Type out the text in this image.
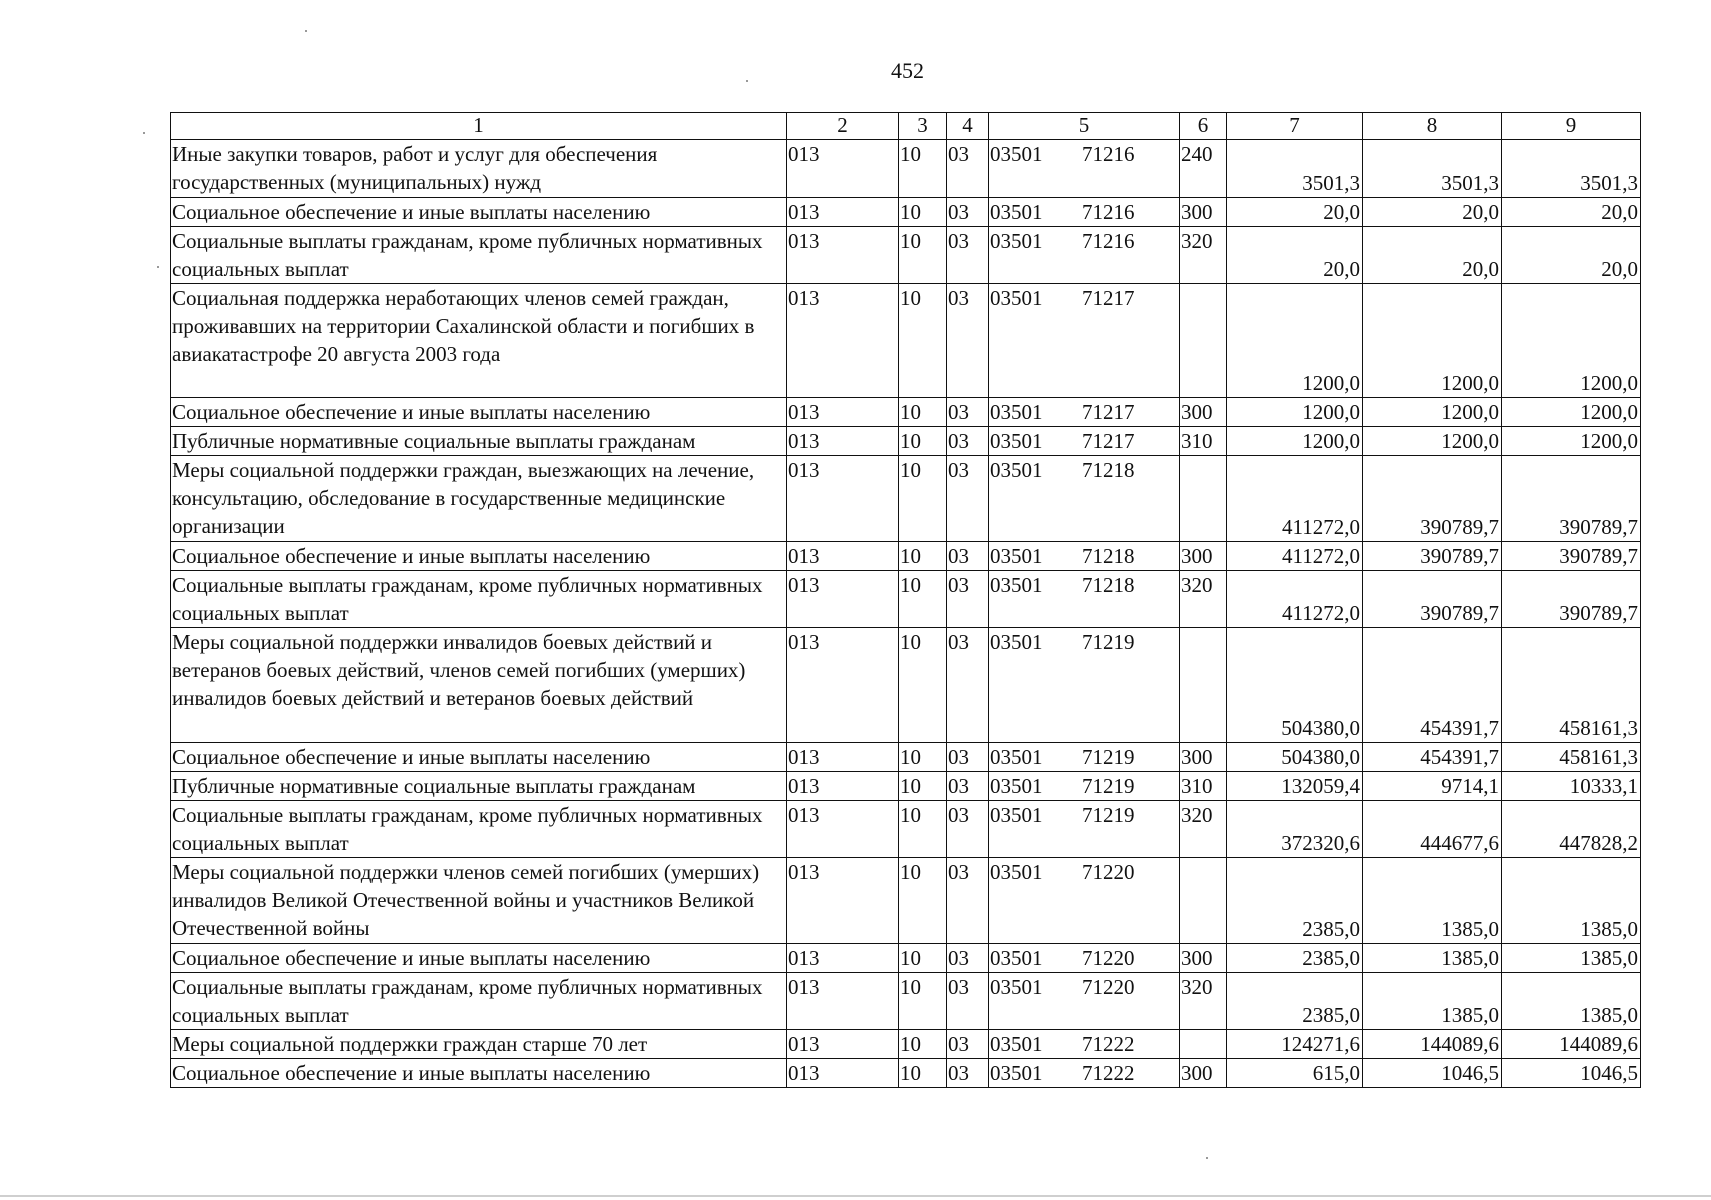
452
1	2	3	4	5	6	7	8	9
Иные закупки товаров, работ и услуг для обеспечения государственных (муниципальных) нужд	013	10	03	03501 71216	240	3501,3	3501,3	3501,3
Социальное обеспечение и иные выплаты населению	013	10	03	03501 71216	300	20,0	20,0	20,0
Социальные выплаты гражданам, кроме публичных нормативных социальных выплат	013	10	03	03501 71216	320	20,0	20,0	20,0
Социальная поддержка неработающих членов семей граждан, проживавших на территории Сахалинской области и погибших в авиакатастрофе 20 августа 2003 года	013	10	03	03501 71217		1200,0	1200,0	1200,0
Социальное обеспечение и иные выплаты населению	013	10	03	03501 71217	300	1200,0	1200,0	1200,0
Публичные нормативные социальные выплаты гражданам	013	10	03	03501 71217	310	1200,0	1200,0	1200,0
Меры социальной поддержки граждан, выезжающих на лечение, консультацию, обследование в государственные медицинские организации	013	10	03	03501 71218		411272,0	390789,7	390789,7
Социальное обеспечение и иные выплаты населению	013	10	03	03501 71218	300	411272,0	390789,7	390789,7
Социальные выплаты гражданам, кроме публичных нормативных социальных выплат	013	10	03	03501 71218	320	411272,0	390789,7	390789,7
Меры социальной поддержки инвалидов боевых действий и ветеранов боевых действий, членов семей погибших (умерших) инвалидов боевых действий и ветеранов боевых действий	013	10	03	03501 71219		504380,0	454391,7	458161,3
Социальное обеспечение и иные выплаты населению	013	10	03	03501 71219	300	504380,0	454391,7	458161,3
Публичные нормативные социальные выплаты гражданам	013	10	03	03501 71219	310	132059,4	9714,1	10333,1
Социальные выплаты гражданам, кроме публичных нормативных социальных выплат	013	10	03	03501 71219	320	372320,6	444677,6	447828,2
Меры социальной поддержки членов семей погибших (умерших) инвалидов Великой Отечественной войны и участников Великой Отечественной войны	013	10	03	03501 71220		2385,0	1385,0	1385,0
Социальное обеспечение и иные выплаты населению	013	10	03	03501 71220	300	2385,0	1385,0	1385,0
Социальные выплаты гражданам, кроме публичных нормативных социальных выплат	013	10	03	03501 71220	320	2385,0	1385,0	1385,0
Меры социальной поддержки граждан старше 70 лет	013	10	03	03501 71222		124271,6	144089,6	144089,6
Социальное обеспечение и иные выплаты населению	013	10	03	03501 71222	300	615,0	1046,5	1046,5
